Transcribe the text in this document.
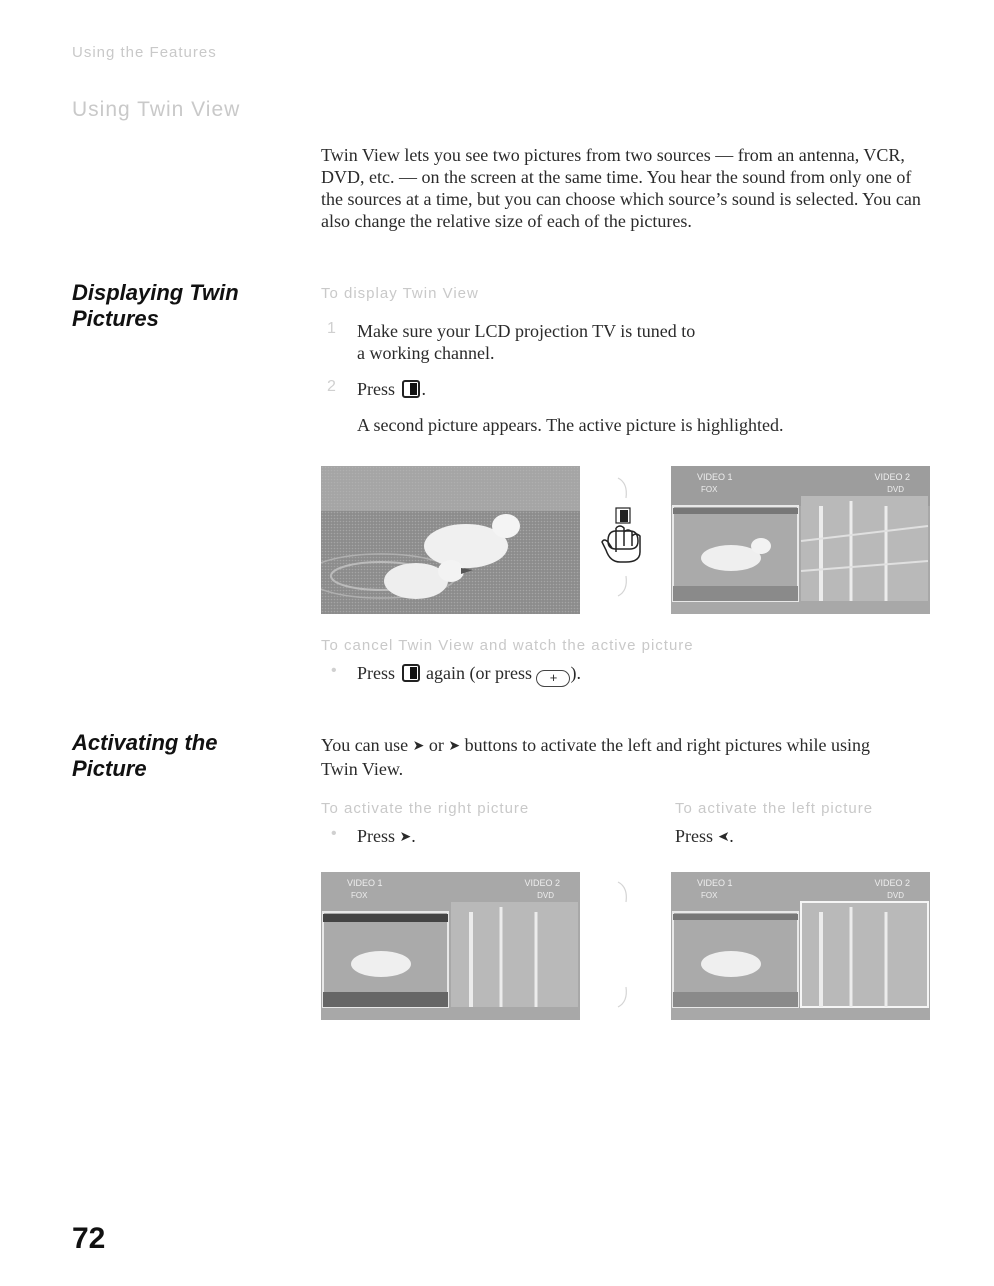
Using the Features
Using Twin View
Twin View lets you see two pictures from two sources — from an antenna, VCR, DVD, etc. — on the screen at the same time. You hear the sound from only one of the sources at a time, but you can choose which source’s sound is selected. You can also change the relative size of each of the pictures.
Displaying Twin
Pictures
To display Twin View
1 Make sure your LCD projection TV is tuned to
a working channel.
2 Press .
A second picture appears. The active picture is highlighted.
VIDEO 1
FOX
VIDEO 2
DVD
To cancel Twin View and watch the active picture
• Press again (or press + ).
Activating the
Picture
You can use ➤ or ➤ buttons to activate the left and right pictures while using
Twin View.
To activate the right picture	To activate the left picture
• Press ➤.	Press ➤.
VIDEO 1
FOX
VIDEO 2
DVD
VIDEO 1
FOX
VIDEO 2
DVD
72
